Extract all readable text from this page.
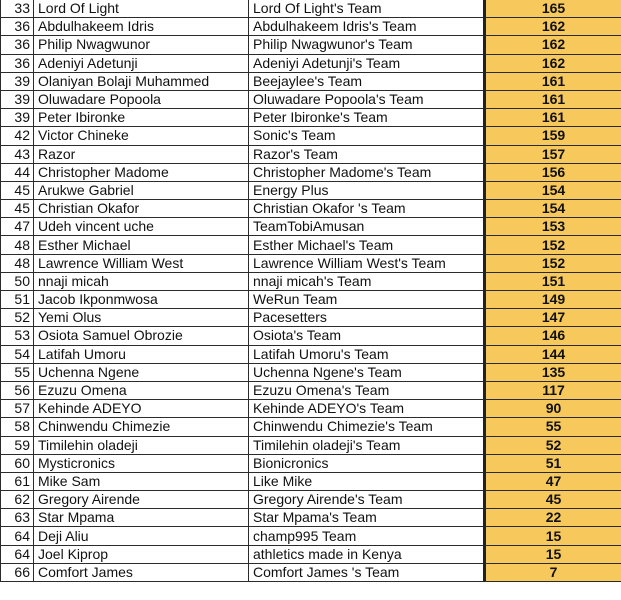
33	Lord Of Light	Lord Of Light's Team		165
36	Abdulhakeem Idris	Abdulhakeem Idris's Team		162
36	Philip Nwagwunor	Philip Nwagwunor's Team		162
36	Adeniyi Adetunji	Adeniyi Adetunji's Team		162
39	Olaniyan Bolaji Muhammed	Beejaylee's Team		161
39	Oluwadare Popoola	Oluwadare Popoola's Team		161
39	Peter Ibironke	Peter Ibironke's Team		161
42	Victor Chineke	Sonic's Team		159
43	Razor	Razor's Team		157
44	Christopher Madome	Christopher Madome's Team		156
45	Arukwe Gabriel	Energy Plus		154
45	Christian Okafor	Christian Okafor 's Team		154
47	Udeh vincent uche	TeamTobiAmusan		153
48	Esther Michael	Esther Michael's Team		152
48	Lawrence William West	Lawrence William West's Team		152
50	nnaji micah	nnaji micah's Team		151
51	Jacob Ikponmwosa	WeRun Team		149
52	Yemi Olus	Pacesetters		147
53	Osiota Samuel Obrozie	Osiota's Team		146
54	Latifah Umoru	Latifah Umoru's Team		144
55	Uchenna Ngene	Uchenna Ngene's Team		135
56	Ezuzu Omena	Ezuzu Omena's Team		117
57	Kehinde ADEYO	Kehinde ADEYO's Team		90
58	Chinwendu Chimezie	Chinwendu Chimezie's Team		55
59	Timilehin oladeji	Timilehin oladeji's Team		52
60	Mysticronics	Bionicronics		51
61	Mike Sam	Like Mike		47
62	Gregory Airende	Gregory Airende's Team		45
63	Star Mpama	Star Mpama's Team		22
64	Deji Aliu	champ995 Team		15
64	Joel Kiprop	athletics made in Kenya		15
66	Comfort James	Comfort James 's Team		7
